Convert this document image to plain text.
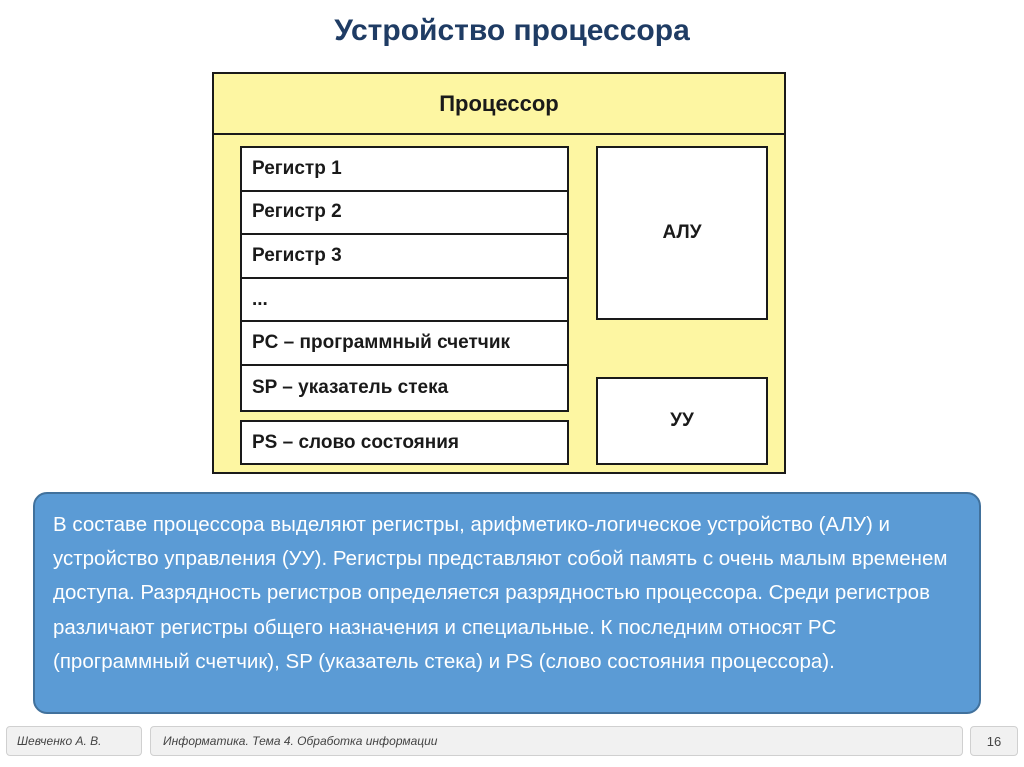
Устройство процессора
Процессор
Регистр 1
Регистр 2
Регистр 3
...
PC – программный счетчик
SP – указатель стека
PS – слово состояния
АЛУ
УУ
В составе процессора выделяют регистры, арифметико-логическое устройство (АЛУ) и устройство управления (УУ). Регистры представляют собой память с очень малым временем доступа. Разрядность регистров определяется разрядностью процессора. Среди регистров различают регистры общего назначения и специальные. К последним относят PC (программный счетчик), SP (указатель стека) и PS (слово состояния процессора).
Шевченко А. В.	Информатика. Тема 4. Обработка информации	16
